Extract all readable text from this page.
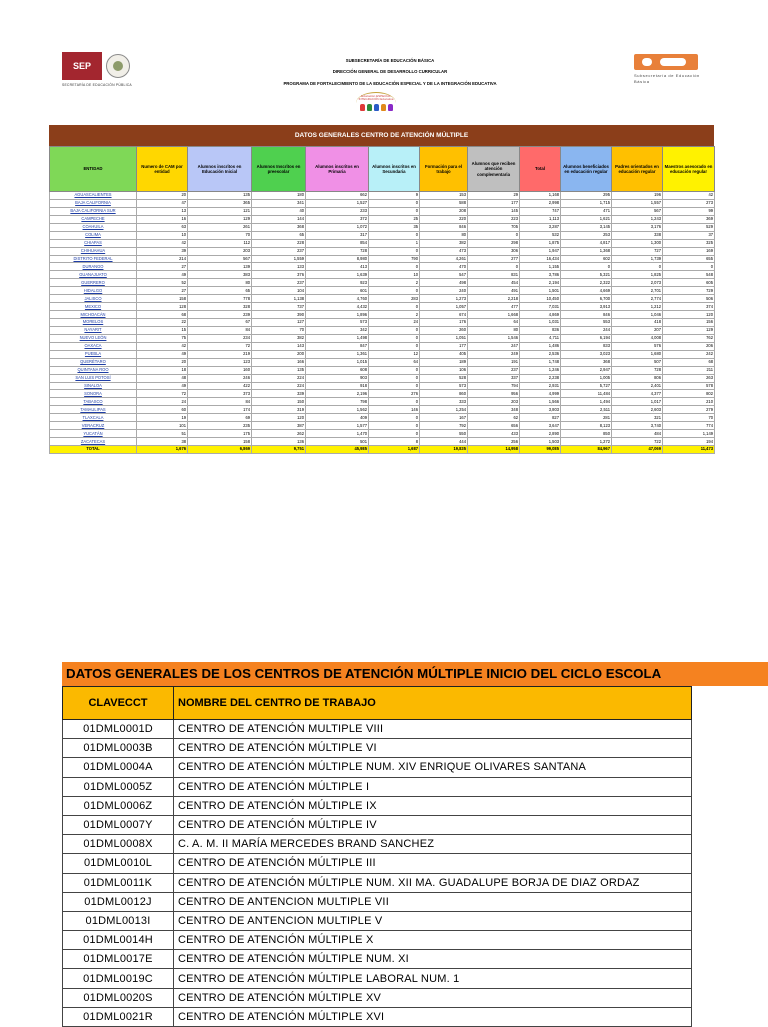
SEP
SECRETARÍA DE EDUCACIÓN PÚBLICA
SUBSECRETARÍA DE EDUCACIÓN BÁSICA
DIRECCIÓN GENERAL DE DESARROLLO CURRICULAR
PROGRAMA DE FORTALECIMIENTO DE LA EDUCACIÓN ESPECIAL Y DE LA INTEGRACIÓN EDUCATIVA
Educación ESPECIAL INTEGRACIÓN Educativa
Subsecretaría de Educación Básica
DATOS GENERALES CENTRO DE ATENCIÓN MÚLTIPLE
ENTIDAD	Numero de CAM por entidad	Alumnos inscritos en Educación Inicial	Alumnos Inscritos en preescolar	Alumnos inscritos en Primaria	Alumnos inscritos en Secundaria	Formación para el trabajo	Alumnos que reciben atención complementaria	Total	Alumnos beneficiados en educación regular	Padres orientados en educación regular	Maestros asesorado en educación regular
AGUASCALIENTES	20	135	180	662	9	153	29	1,168	295	196	42
BAJA CALIFORNIA	47	365	341	1,527	0	588	177	2,998	1,715	1,557	273
BAJA CALIFORNIA SUR	13	121	40	233	0	208	145	747	471	567	99
CAMPECHE	16	129	144	372	25	220	223	1,113	1,621	1,243	369
COAHUILA	63	261	368	1,072	35	846	705	3,287	3,145	3,176	529
COLIMA	10	70	65	317	0	80	0	532	253	338	37
CHIAPAS	42	112	228	854	1	382	298	1,875	4,817	1,300	325
CHIHUAHUA	39	203	237	728	0	473	306	1,947	1,368	727	169
DISTRITO FEDERAL	214	567	1,559	8,980	790	4,261	277	16,434	602	1,739	655
DURANGO	27	139	133	413	0	470	0	1,155	0	0	0
GUANAJUATO	49	383	376	1,639	10	547	831	3,786	5,321	1,825	548
GUERRERO	52	80	237	923	2	498	454	2,194	2,322	2,073	605
HIDALGO	27	65	104	601	0	240	491	1,501	4,669	2,701	729
JALISCO	158	778	1,138	4,760	283	1,273	2,218	10,450	6,700	2,774	506
MEXICO	128	328	737	4,432	0	1,057	477	7,031	3,913	1,212	374
MICHOACÁN	68	239	390	1,896	2	674	1,668	4,869	846	1,046	120
MORELOS	22	67	127	573	24	176	64	1,031	553	418	156
NAYARIT	15	84	70	342	0	260	80	836	244	207	129
NUEVO LEÓN	75	234	382	1,498	0	1,051	1,546	4,711	6,194	4,008	762
OAXACA	42	72	143	847	0	177	247	1,486	833	576	206
PUEBLA	49	219	200	1,361	12	405	249	2,536	3,023	1,680	242
QUERÉTARO	20	123	166	1,015	64	189	191	1,748	368	507	68
QUINTANA ROO	18	160	135	608	0	106	237	1,246	2,947	728	211
SAN LUIS POTOSÍ	48	246	224	903	0	528	337	2,238	1,005	806	263
SINALOA	49	422	224	918	0	573	794	2,931	5,727	2,401	578
SONORA	72	373	339	2,196	276	860	956	4,999	11,484	4,377	802
TABASCO	24	84	150	798	0	333	203	1,566	1,494	1,017	210
TAMAULIPAS	60	174	319	1,562	146	1,254	348	3,803	2,511	2,603	279
TLAXCALA	19	69	120	409	0	167	62	827	281	321	70
VERACRUZ	101	235	387	1,577	0	792	656	3,647	8,123	3,740	774
YUCATÁN	51	175	262	1,470	0	550	433	2,890	850	484	1,149
ZACATECAS	38	158	136	501	8	444	256	1,503	1,272	722	194
TOTAL	1,676	6,869	9,751	45,985	1,687	19,835	14,958	99,085	84,967	47,069	11,473
DATOS GENERALES DE LOS CENTROS DE ATENCIÓN MÚLTIPLE INICIO DEL CICLO ESCOLA
CLAVECCT	NOMBRE DEL CENTRO DE TRABAJO
01DML0001D	CENTRO DE ATENCIÓN MULTIPLE VIII
01DML0003B	CENTRO DE ATENCIÓN MÚLTIPLE VI
01DML0004A	CENTRO DE ATENCIÓN MÚLTIPLE NUM. XIV ENRIQUE OLIVARES SANTANA
01DML0005Z	CENTRO DE ATENCIÓN MÚLTIPLE I
01DML0006Z	CENTRO DE ATENCIÓN MÚLTIPLE IX
01DML0007Y	CENTRO DE ATENCIÓN MÚLTIPLE IV
01DML0008X	C. A. M. II MARÍA MERCEDES BRAND SANCHEZ
01DML0010L	CENTRO DE ATENCIÓN MÚLTIPLE III
01DML0011K	CENTRO DE ATENCIÓN MÚLTIPLE NUM. XII MA. GUADALUPE BORJA DE DIAZ ORDAZ
01DML0012J	CENTRO DE ANTENCION MULTIPLE VII
01DML0013I	CENTRO DE ANTENCION MULTIPLE V
01DML0014H	CENTRO DE ATENCIÓN MÚLTIPLE X
01DML0017E	CENTRO DE ATENCIÓN MÚLTIPLE NUM. XI
01DML0019C	CENTRO DE ATENCIÓN MÚLTIPLE LABORAL NUM. 1
01DML0020S	CENTRO DE ATENCIÓN MÚLTIPLE XV
01DML0021R	CENTRO DE ATENCIÓN MÚLTIPLE XVI
